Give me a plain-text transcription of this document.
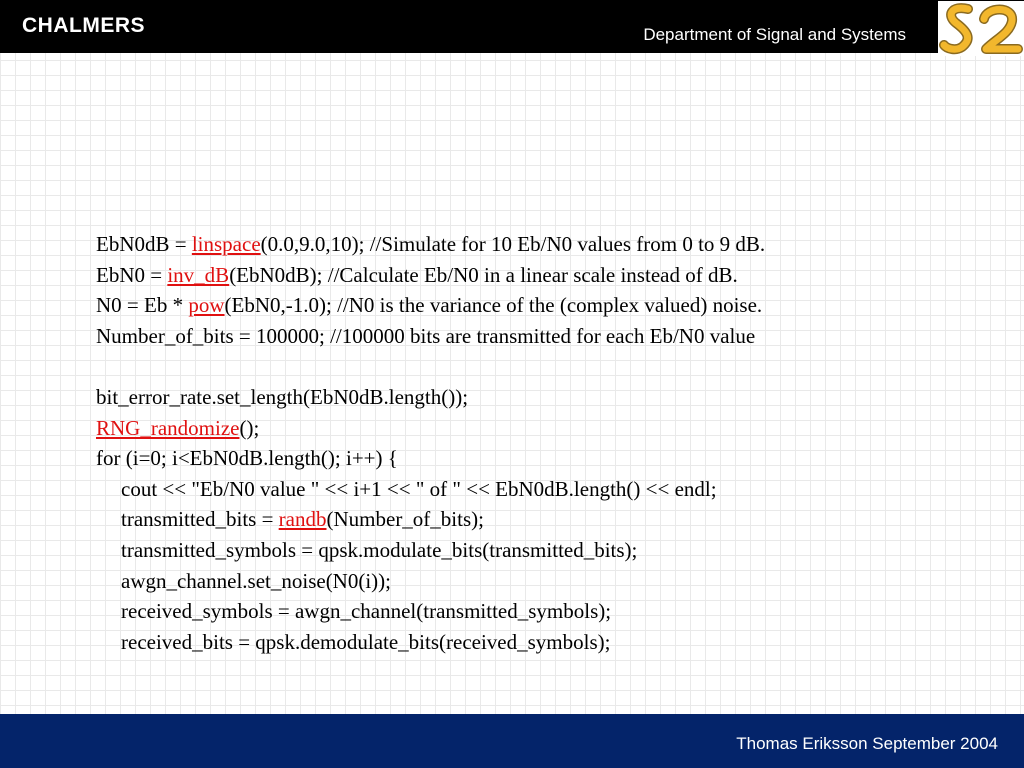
CHALMERS	Department of Signal and Systems
EbN0dB = linspace(0.0,9.0,10); //Simulate for 10 Eb/N0 values from 0 to 9 dB.
EbN0 = inv_dB(EbN0dB); //Calculate Eb/N0 in a linear scale instead of dB.
N0 = Eb * pow(EbN0,-1.0); //N0 is the variance of the (complex valued) noise.
Number_of_bits = 100000; //100000 bits are transmitted for each Eb/N0 value
bit_error_rate.set_length(EbN0dB.length());
RNG_randomize();
for (i=0; i<EbN0dB.length(); i++) {
cout << "Eb/N0 value " << i+1 << " of " << EbN0dB.length() << endl;
transmitted_bits = randb(Number_of_bits);
transmitted_symbols = qpsk.modulate_bits(transmitted_bits);
awgn_channel.set_noise(N0(i));
received_symbols = awgn_channel(transmitted_symbols);
received_bits = qpsk.demodulate_bits(received_symbols);
Thomas Eriksson September 2004
